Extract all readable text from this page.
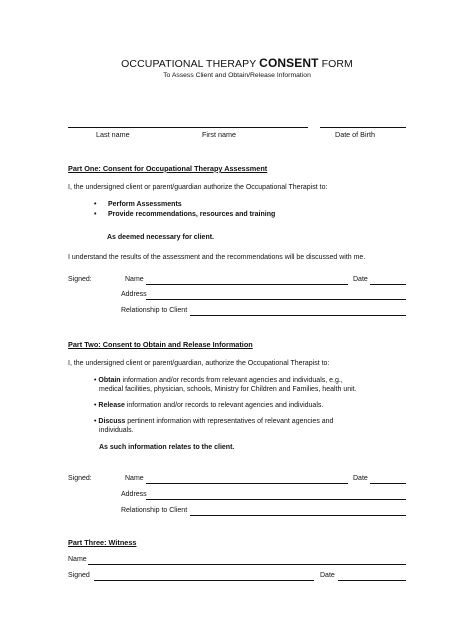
OCCUPATIONAL THERAPY CONSENT FORM
To Assess Client and Obtain/Release Information
Last name	First name	Date of Birth
Part One: Consent for Occupational Therapy Assessment
I, the undersigned client or parent/guardian authorize the Occupational Therapist to:
• Perform Assessments
• Provide recommendations, resources and training
As deemed necessary for client.
I understand the results of the assessment and the recommendations will be discussed with me.
Signed:	Name	Date
Address
Relationship to Client
Part Two: Consent to Obtain and Release Information
I, the undersigned client or parent/guardian, authorize the Occupational Therapist to:
• Obtain information and/or records from relevant agencies and individuals, e.g.,
medical facilities, physician, schools, Ministry for Children and Families, health unit.
• Release information and/or records to relevant agencies and individuals.
• Discuss pertinent information with representatives of relevant agencies and
individuals.
As such information relates to the client.
Signed:	Name	Date
Address
Relationship to Client
Part Three: Witness
Name
Signed	Date
